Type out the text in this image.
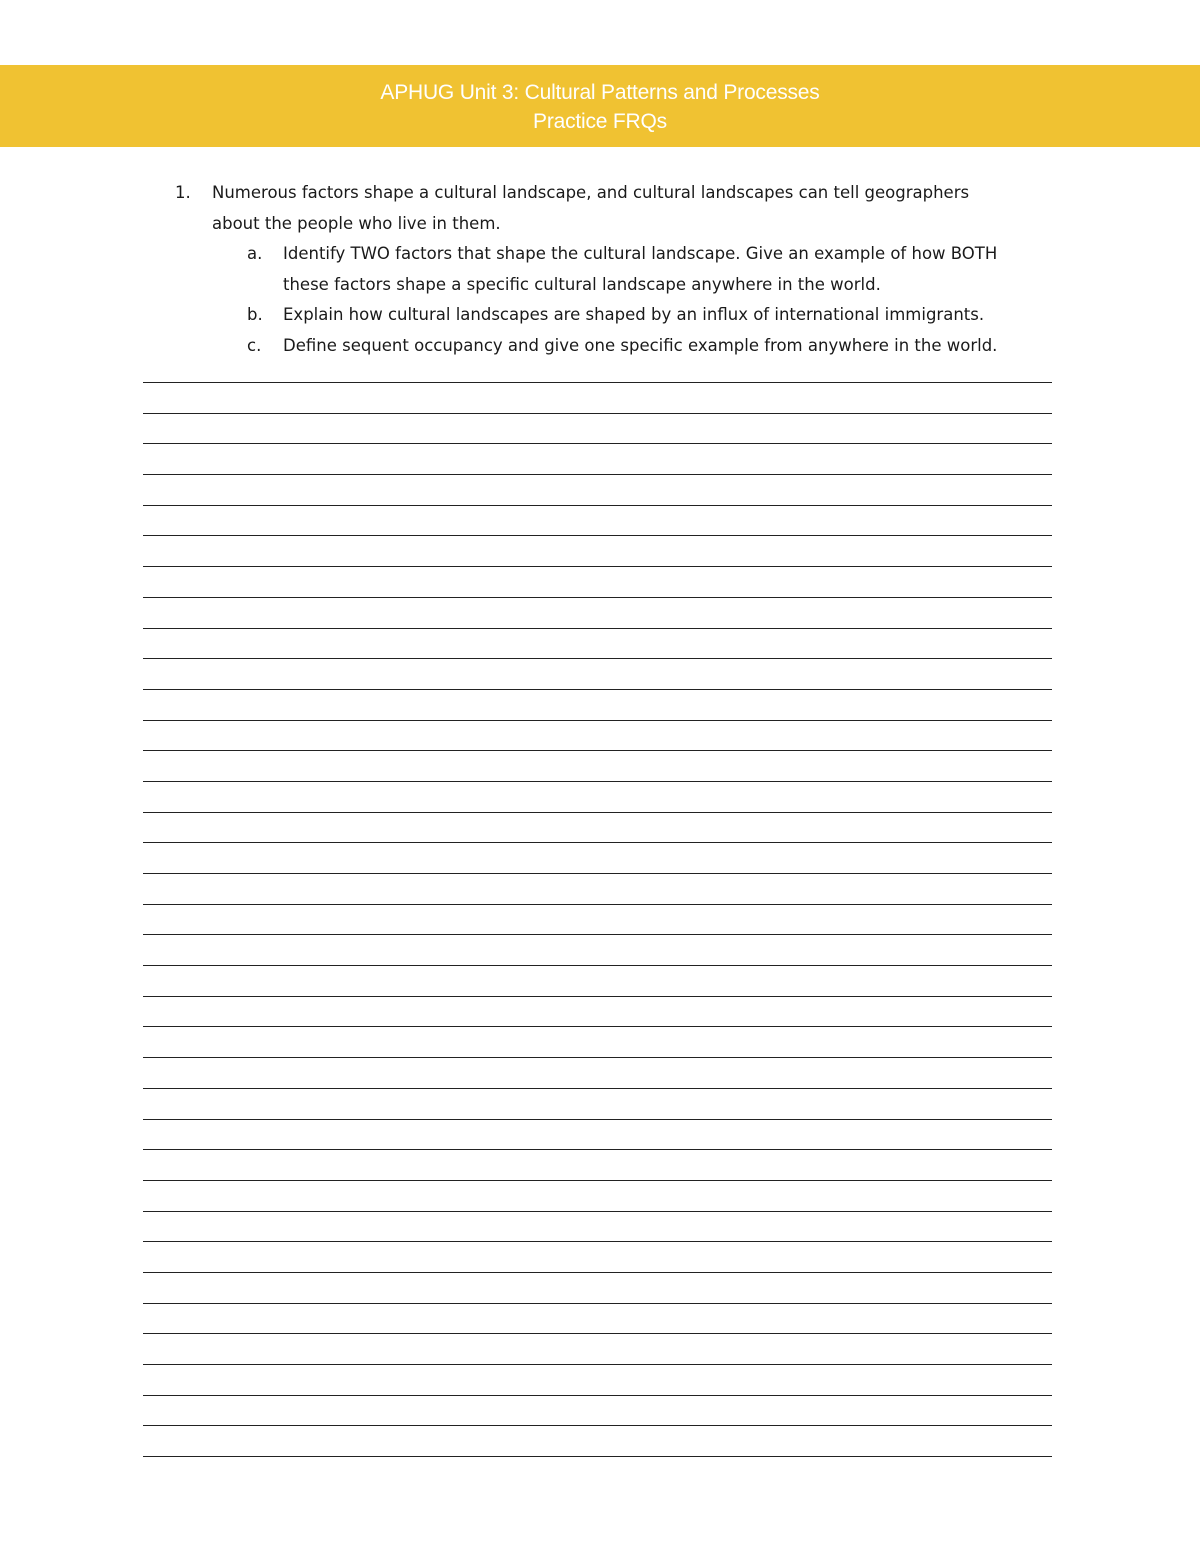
APHUG Unit 3: Cultural Patterns and Processes
Practice FRQs
1. Numerous factors shape a cultural landscape, and cultural landscapes can tell geographers
about the people who live in them.
a. Identify TWO factors that shape the cultural landscape. Give an example of how BOTH
these factors shape a specific cultural landscape anywhere in the world.
b. Explain how cultural landscapes are shaped by an influx of international immigrants.
c. Define sequent occupancy and give one specific example from anywhere in the world.
